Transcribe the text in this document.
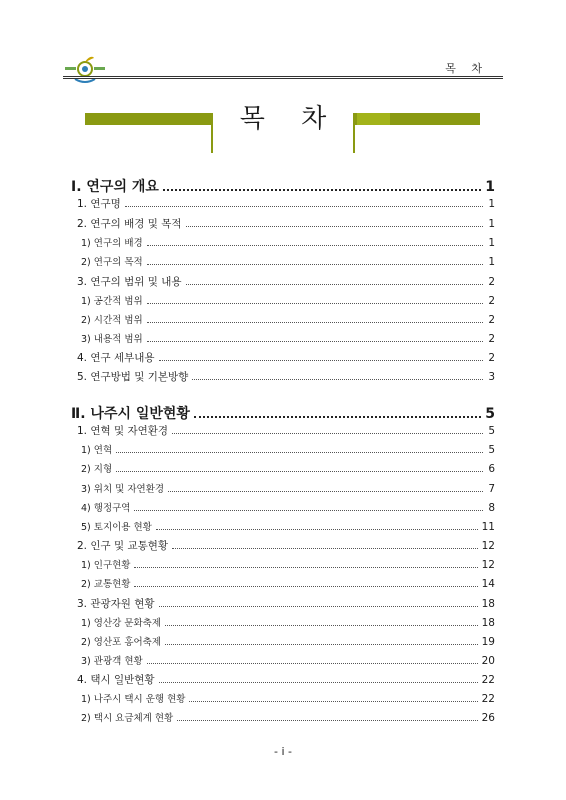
목 차
목 차
Ⅰ. 연구의 개요	1
1. 연구명	1
2. 연구의 배경 및 목적	1
1) 연구의 배경	1
2) 연구의 목적	1
3. 연구의 범위 및 내용	2
1) 공간적 범위	2
2) 시간적 범위	2
3) 내용적 범위	2
4. 연구 세부내용	2
5. 연구방법 및 기본방향	3
Ⅱ. 나주시 일반현황	5
1. 연혁 및 자연환경	5
1) 연혁	5
2) 지형	6
3) 위치 및 자연환경	7
4) 행정구역	8
5) 토지이용 현황	11
2. 인구 및 교통현황	12
1) 인구현황	12
2) 교통현황	14
3. 관광자원 현황	18
1) 영산강 문화축제	18
2) 영산포 홍어축제	19
3) 관광객 현황	20
4. 택시 일반현황	22
1) 나주시 택시 운행 현황	22
2) 택시 요금체계 현황	26
- i -
